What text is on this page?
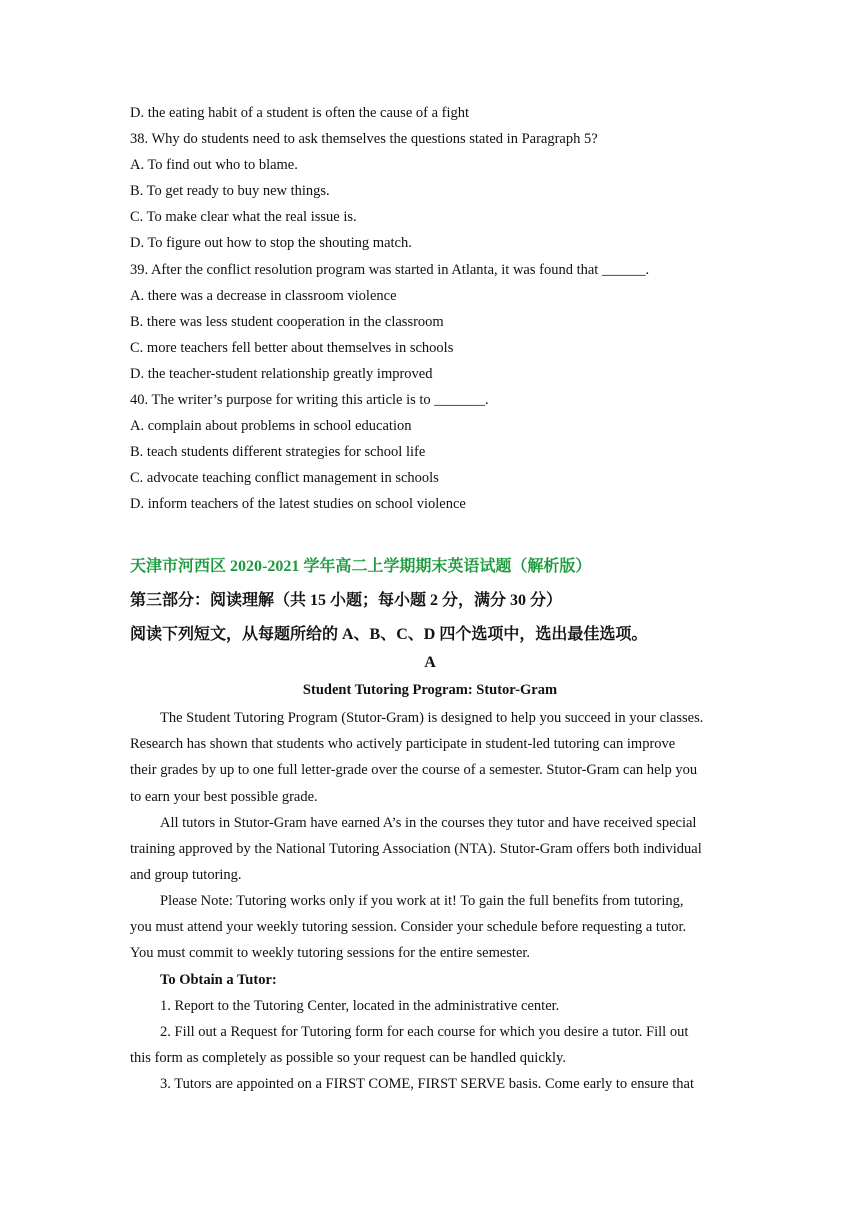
D. the eating habit of a student is often the cause of a fight
38. Why do students need to ask themselves the questions stated in Paragraph 5?
A. To find out who to blame.
B. To get ready to buy new things.
C. To make clear what the real issue is.
D. To figure out how to stop the shouting match.
39. After the conflict resolution program was started in Atlanta, it was found that ______.
A. there was a decrease in classroom violence
B. there was less student cooperation in the classroom
C. more teachers fell better about themselves in schools
D. the teacher-student relationship greatly improved
40. The writer’s purpose for writing this article is to _______.
A. complain about problems in school education
B. teach students different strategies for school life
C. advocate teaching conflict management in schools
D. inform teachers of the latest studies on school violence
天津市河西区 2020-2021 学年高二上学期期末英语试题（解析版）
第三部分：阅读理解（共 15 小题；每小题 2 分，满分 30 分）
阅读下列短文，从每题所给的 A、B、C、D 四个选项中，选出最佳选项。
A
Student Tutoring Program: Stutor-Gram
The Student Tutoring Program (Stutor-Gram) is designed to help you succeed in your classes.
Research has shown that students who actively participate in student-led tutoring can improve
their grades by up to one full letter-grade over the course of a semester. Stutor-Gram can help you
to earn your best possible grade.
All tutors in Stutor-Gram have earned A’s in the courses they tutor and have received special
training approved by the National Tutoring Association (NTA). Stutor-Gram offers both individual
and group tutoring.
Please Note: Tutoring works only if you work at it! To gain the full benefits from tutoring,
you must attend your weekly tutoring session. Consider your schedule before requesting a tutor.
You must commit to weekly tutoring sessions for the entire semester.
To Obtain a Tutor:
1. Report to the Tutoring Center, located in the administrative center.
2. Fill out a Request for Tutoring form for each course for which you desire a tutor. Fill out
this form as completely as possible so your request can be handled quickly.
3. Tutors are appointed on a FIRST COME, FIRST SERVE basis. Come early to ensure that
